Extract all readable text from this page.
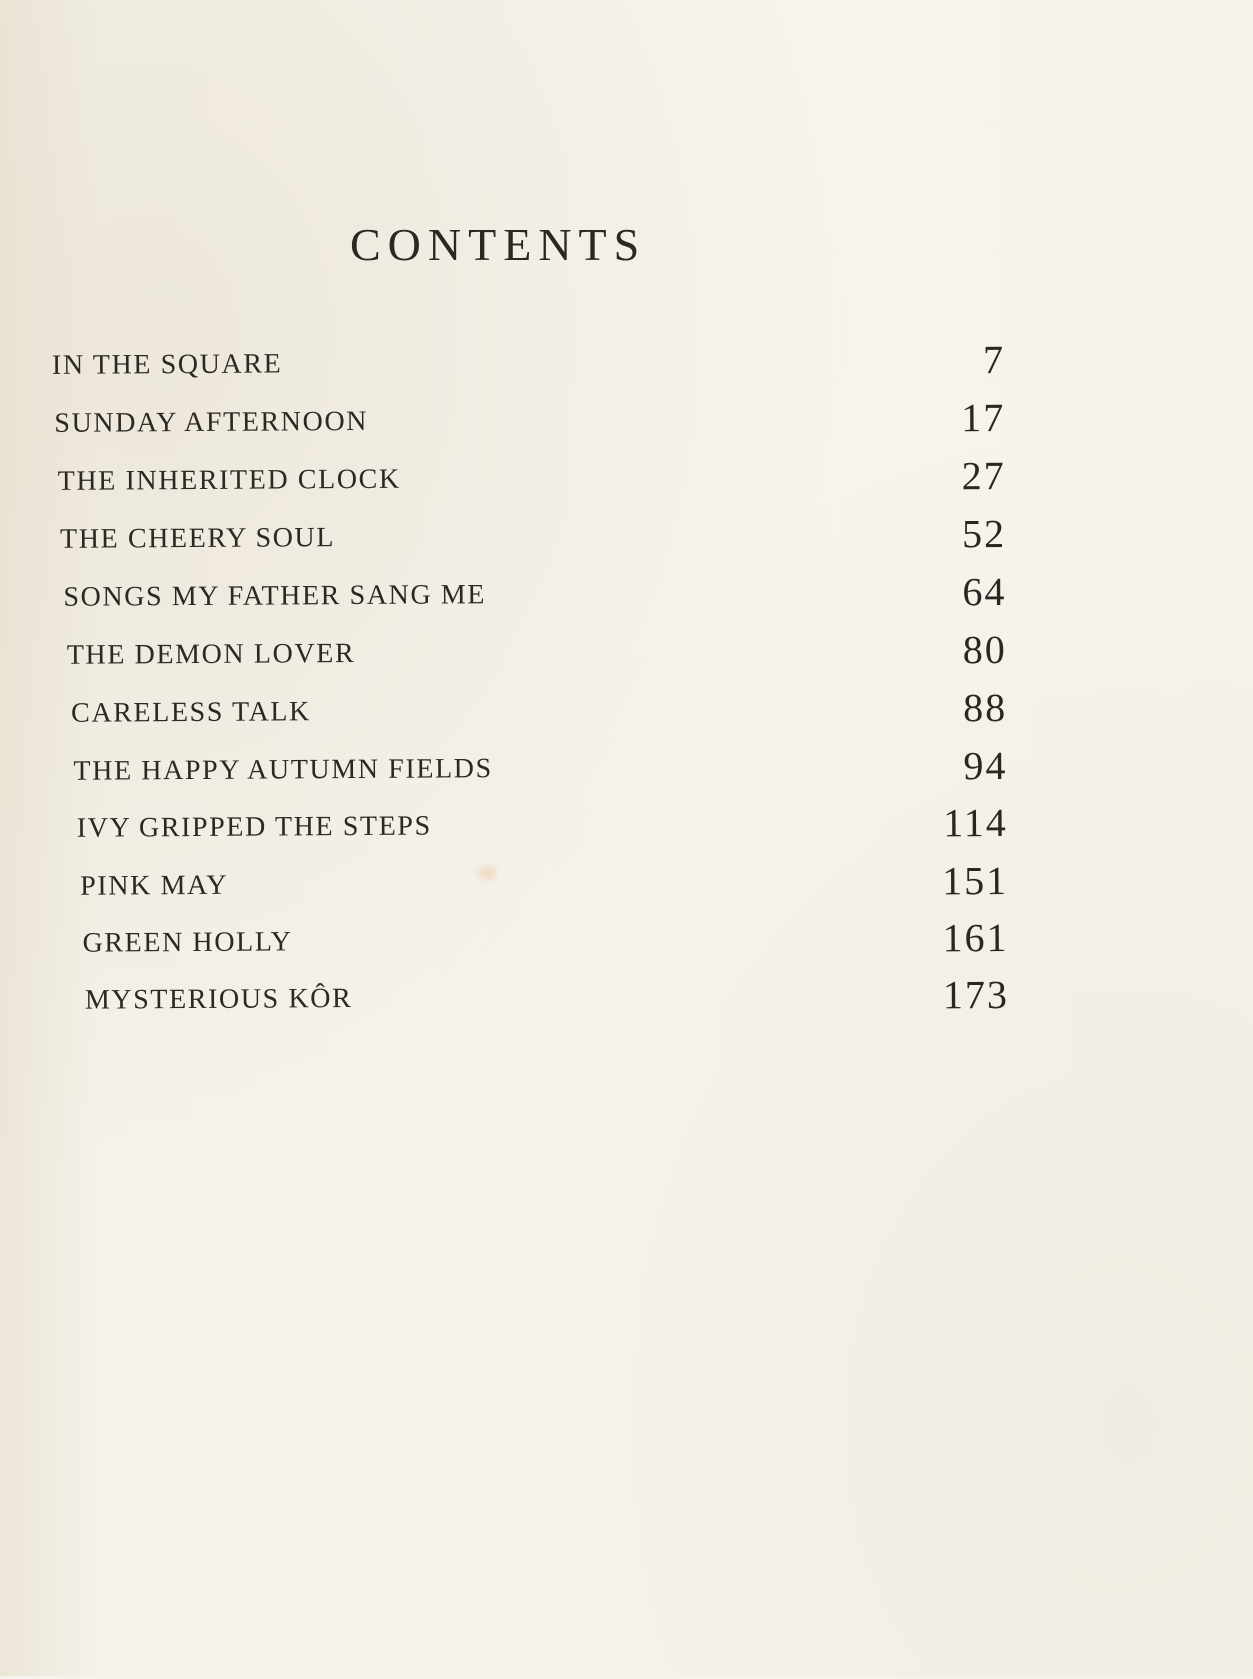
CONTENTS
IN THE SQUARE	7
SUNDAY AFTERNOON	17
THE INHERITED CLOCK	27
THE CHEERY SOUL	52
SONGS MY FATHER SANG ME	64
THE DEMON LOVER	80
CARELESS TALK	88
THE HAPPY AUTUMN FIELDS	94
IVY GRIPPED THE STEPS	114
PINK MAY	151
GREEN HOLLY	161
MYSTERIOUS KÔR	173
